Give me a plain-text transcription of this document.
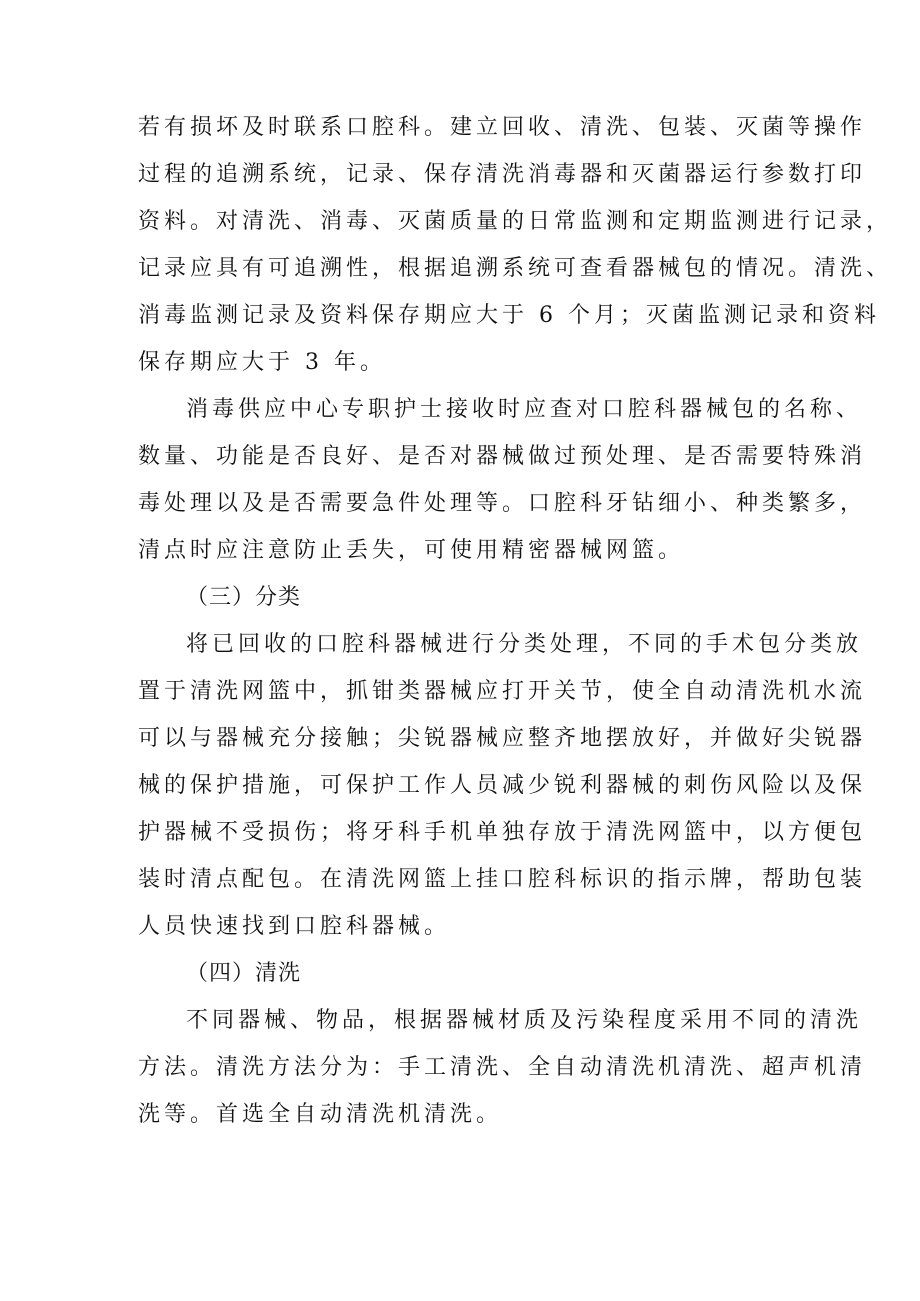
若有损坏及时联系口腔科。建立回收、清洗、包装、灭菌等操作
过程的追溯系统，记录、保存清洗消毒器和灭菌器运行参数打印
资料。对清洗、消毒、灭菌质量的日常监测和定期监测进行记录，
记录应具有可追溯性，根据追溯系统可查看器械包的情况。清洗、
消毒监测记录及资料保存期应大于 6 个月；灭菌监测记录和资料
保存期应大于 3 年。
消毒供应中心专职护士接收时应查对口腔科器械包的名称、
数量、功能是否良好、是否对器械做过预处理、是否需要特殊消
毒处理以及是否需要急件处理等。口腔科牙钻细小、种类繁多，
清点时应注意防止丢失，可使用精密器械网篮。
（三）分类
将已回收的口腔科器械进行分类处理，不同的手术包分类放
置于清洗网篮中，抓钳类器械应打开关节，使全自动清洗机水流
可以与器械充分接触；尖锐器械应整齐地摆放好，并做好尖锐器
械的保护措施，可保护工作人员减少锐利器械的刺伤风险以及保
护器械不受损伤；将牙科手机单独存放于清洗网篮中，以方便包
装时清点配包。在清洗网篮上挂口腔科标识的指示牌，帮助包装
人员快速找到口腔科器械。
（四）清洗
不同器械、物品，根据器械材质及污染程度采用不同的清洗
方法。清洗方法分为：手工清洗、全自动清洗机清洗、超声机清
洗等。首选全自动清洗机清洗。
